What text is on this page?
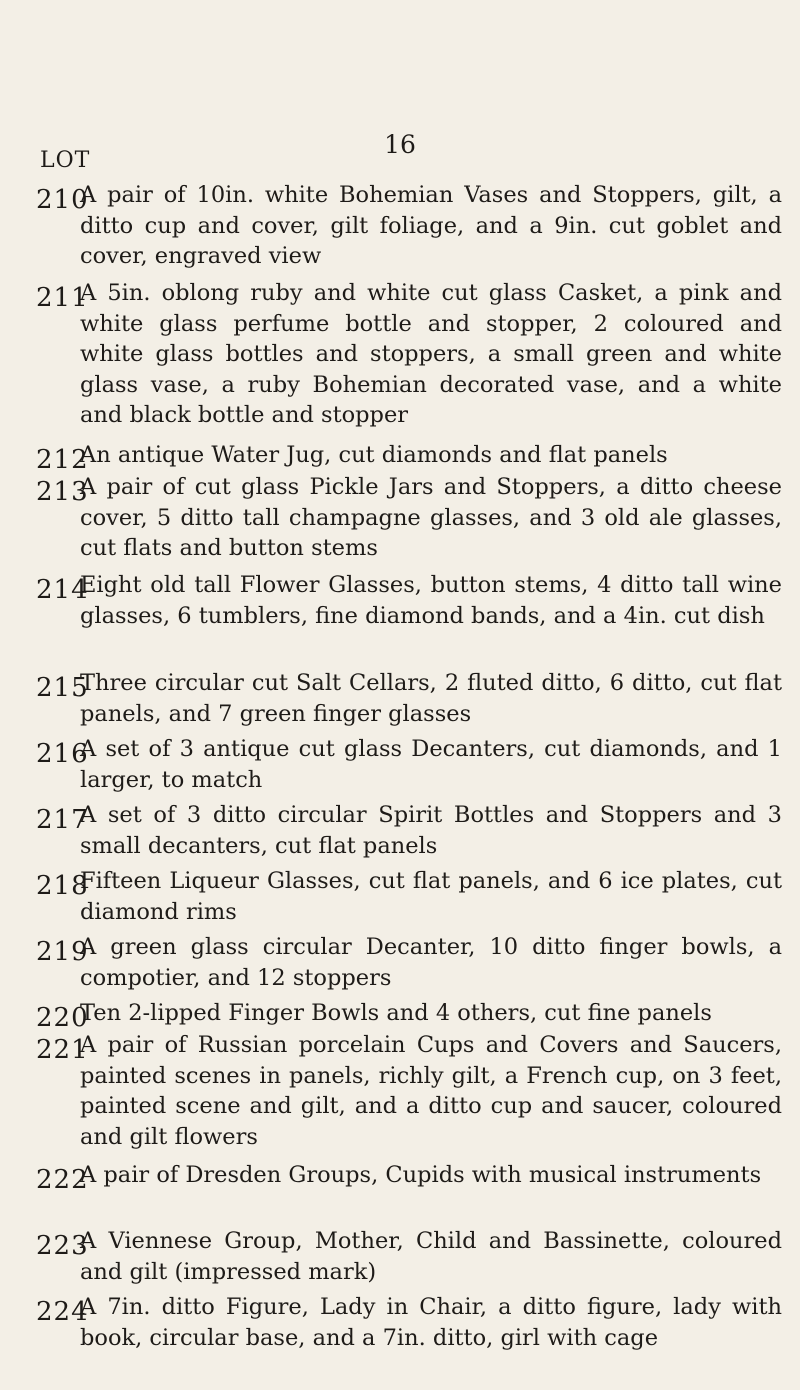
16
LOT
210
A pair of 10in. white Bohemian Vases and Stoppers, gilt, a ditto cup and cover, gilt foliage, and a 9in. cut goblet and cover, engraved view
211
A 5in. oblong ruby and white cut glass Casket, a pink and white glass perfume bottle and stopper, 2 coloured and white glass bottles and stoppers, a small green and white glass vase, a ruby Bohemian decorated vase, and a white and black bottle and stopper
212
An antique Water Jug, cut diamonds and flat panels
213
A pair of cut glass Pickle Jars and Stoppers, a ditto cheese cover, 5 ditto tall champagne glasses, and 3 old ale glasses, cut flats and button stems
214
Eight old tall Flower Glasses, button stems, 4 ditto tall wine glasses, 6 tumblers, fine diamond bands, and a 4in. cut dish
215
Three circular cut Salt Cellars, 2 fluted ditto, 6 ditto, cut flat panels, and 7 green finger glasses
216
A set of 3 antique cut glass Decanters, cut diamonds, and 1 larger, to match
217
A set of 3 ditto circular Spirit Bottles and Stoppers and 3 small decanters, cut flat panels
218
Fifteen Liqueur Glasses, cut flat panels, and 6 ice plates, cut diamond rims
219
A green glass circular Decanter, 10 ditto finger bowls, a compotier, and 12 stoppers
220
Ten 2-lipped Finger Bowls and 4 others, cut fine panels
221
A pair of Russian porcelain Cups and Covers and Saucers, painted scenes in panels, richly gilt, a French cup, on 3 feet, painted scene and gilt, and a ditto cup and saucer, coloured and gilt flowers
222
A pair of Dresden Groups, Cupids with musical instruments
223
A Viennese Group, Mother, Child and Bassinette, coloured and gilt (impressed mark)
224
A 7in. ditto Figure, Lady in Chair, a ditto figure, lady with book, circular base, and a 7in. ditto, girl with cage
